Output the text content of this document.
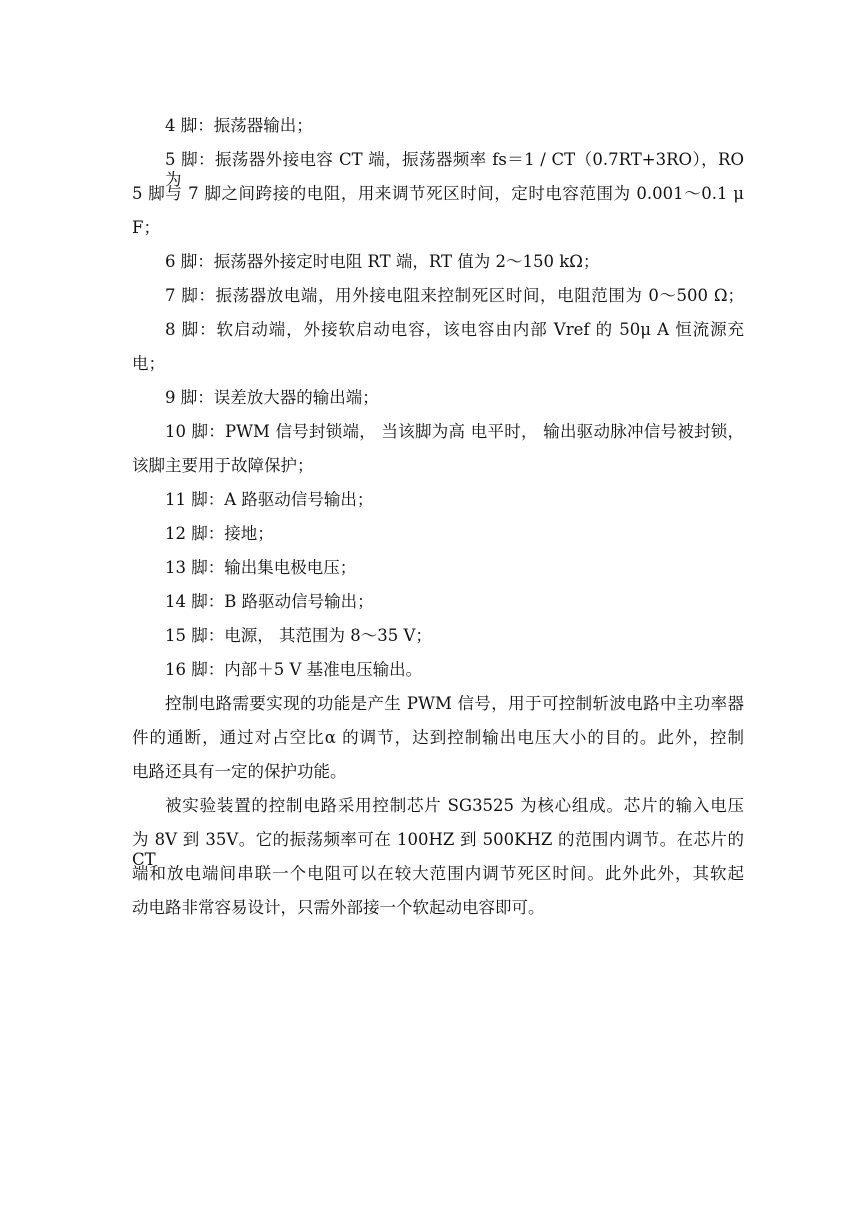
4 脚：振荡器输出；
5 脚：振荡器外接电容 CT 端，振荡器频率 fs＝1 / CT（0.7RT+3RO），RO 为
5 脚与 7 脚之间跨接的电阻，用来调节死区时间，定时电容范围为 0.001～0.1 μ
F；
6 脚：振荡器外接定时电阻 RT 端，RT 值为 2～150 kΩ；
7 脚：振荡器放电端，用外接电阻来控制死区时间，电阻范围为 0～500 Ω；
8 脚：软启动端，外接软启动电容，该电容由内部 Vref 的 50μ A 恒流源充
电；
9 脚：误差放大器的输出端；
10 脚：PWM 信号封锁端， 当该脚为高 电平时， 输出驱动脉冲信号被封锁，
该脚主要用于故障保护；
11 脚：A 路驱动信号输出；
12 脚：接地；
13 脚：输出集电极电压；
14 脚：B 路驱动信号输出；
15 脚：电源， 其范围为 8～35 V；
16 脚：内部＋5 V 基准电压输出。
控制电路需要实现的功能是产生 PWM 信号，用于可控制斩波电路中主功率器
件的通断，通过对占空比α 的调节，达到控制输出电压大小的目的。此外，控制
电路还具有一定的保护功能。
被实验装置的控制电路采用控制芯片 SG3525 为核心组成。芯片的输入电压
为 8V 到 35V。它的振荡频率可在 100HZ 到 500KHZ 的范围内调节。在芯片的 CT
端和放电端间串联一个电阻可以在较大范围内调节死区时间。此外此外，其软起
动电路非常容易设计，只需外部接一个软起动电容即可。
